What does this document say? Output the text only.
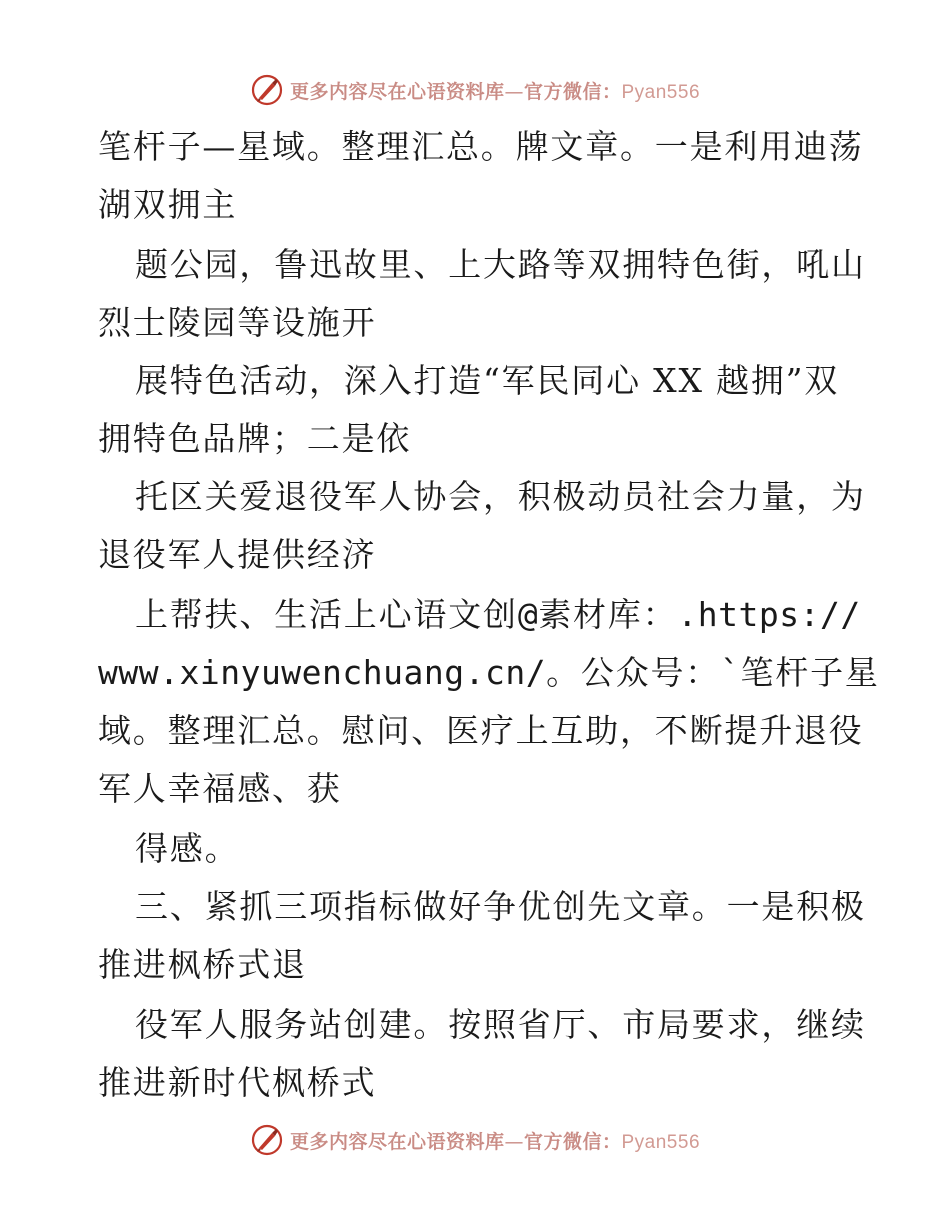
更多内容尽在心语资料库—官方微信：Pyan556
笔杆子—星域。整理汇总。牌文章。一是利用迪荡
湖双拥主
题公园，鲁迅故里、上大路等双拥特色街，吼山
烈士陵园等设施开
展特色活动，深入打造“军民同心 XX 越拥”双
拥特色品牌；二是依
托区关爱退役军人协会，积极动员社会力量，为
退役军人提供经济
上帮扶、生活上心语文创@素材库：.https://
www.xinyuwenchuang.cn/。公众号：`笔杆子星
域。整理汇总。慰问、医疗上互助，不断提升退役
军人幸福感、获
得感。
三、紧抓三项指标做好争优创先文章。一是积极
推进枫桥式退
役军人服务站创建。按照省厅、市局要求，继续
推进新时代枫桥式
更多内容尽在心语资料库—官方微信：Pyan556
